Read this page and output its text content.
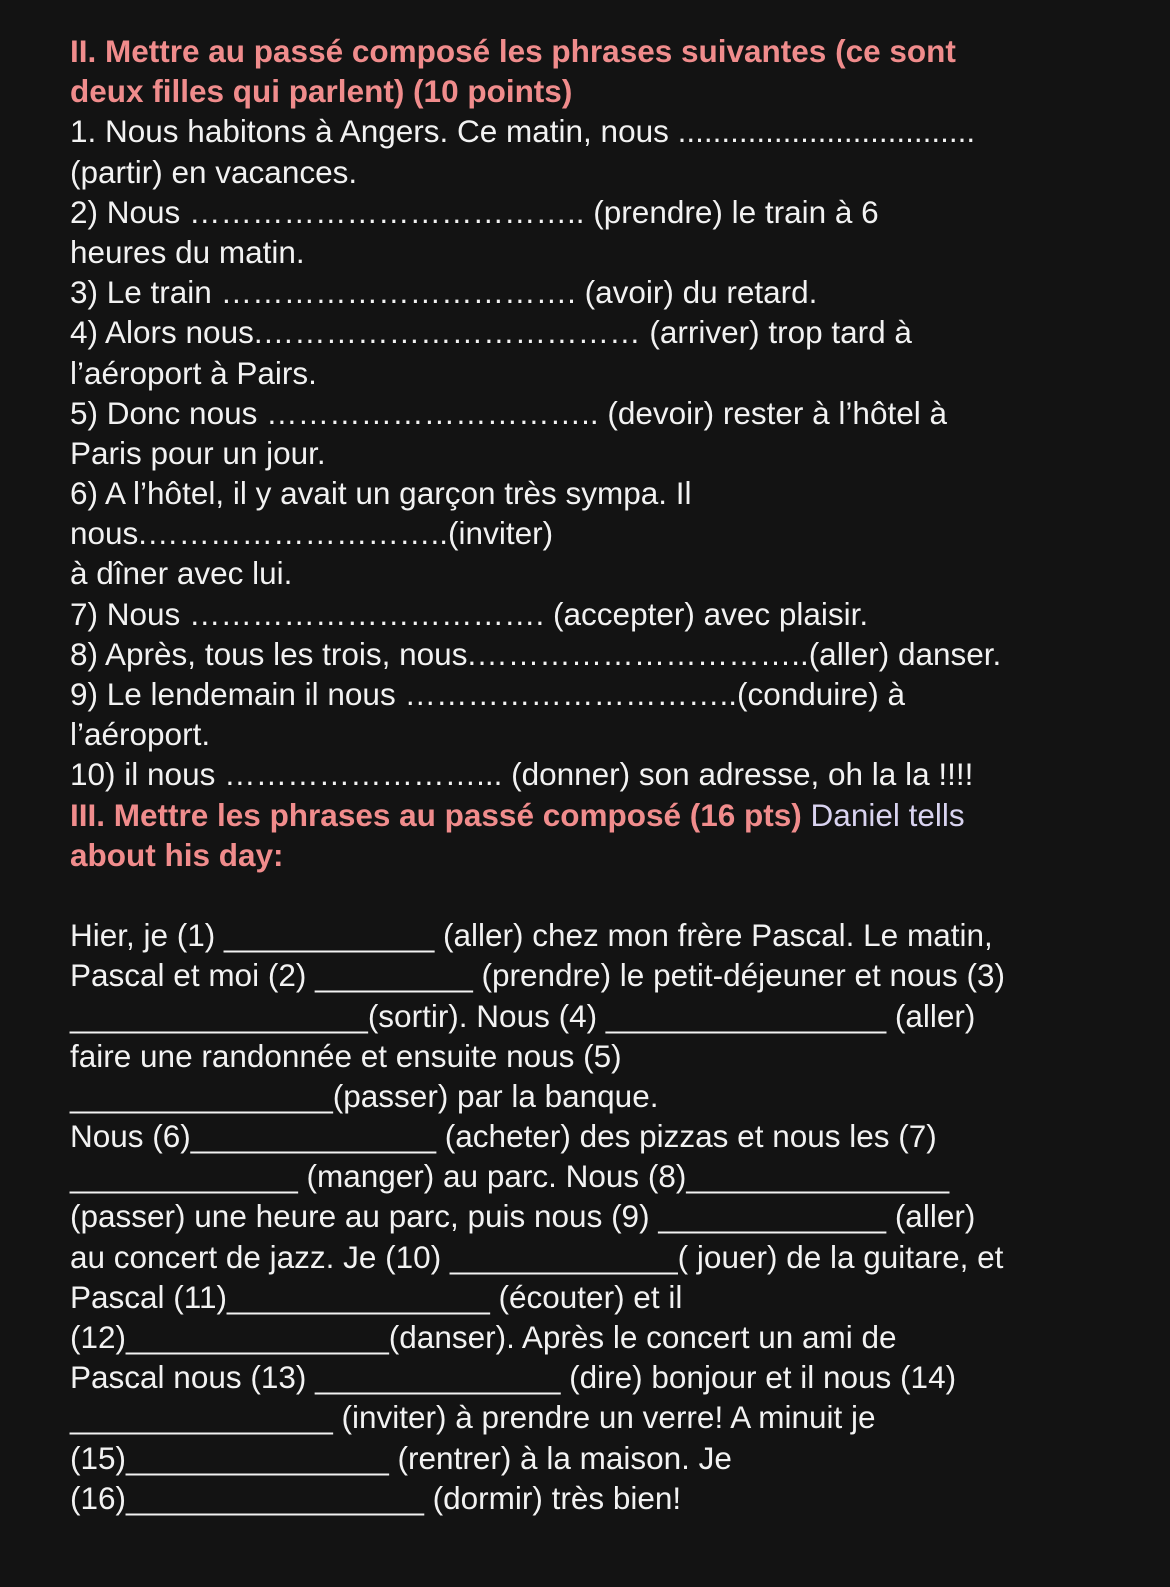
II. Mettre au passé composé les phrases suivantes (ce sont
deux filles qui parlent) (10 points)
1. Nous habitons à Angers. Ce matin, nous ..................................
(partir) en vacances.
2) Nous ……………………………….. (prendre) le train à 6
heures du matin.
3) Le train ……………………………. (avoir) du retard.
4) Alors nous.……………………………… (arriver) trop tard à
l’aéroport à Pairs.
5) Donc nous ………………………….. (devoir) rester à l’hôtel à
Paris pour un jour.
6) A l’hôtel, il y avait un garçon très sympa. Il
nous.………………………..(inviter)
à dîner avec lui.
7) Nous ……………………………. (accepter) avec plaisir.
8) Après, tous les trois, nous.…………………………..(aller) danser.
9) Le lendemain il nous …………………………..(conduire) à
l’aéroport.
10) il nous ……………………... (donner) son adresse, oh la la !!!!
III. Mettre les phrases au passé composé (16 pts) Daniel tells
about his day:
Hier, je (1) ____________ (aller) chez mon frère Pascal. Le matin,
Pascal et moi (2) _________ (prendre) le petit-déjeuner et nous (3)
_________________(sortir). Nous (4) ________________ (aller)
faire une randonnée et ensuite nous (5)
_______________(passer) par la banque.
Nous (6)______________ (acheter) des pizzas et nous les (7)
_____________ (manger) au parc. Nous (8)_______________
(passer) une heure au parc, puis nous (9) _____________ (aller)
au concert de jazz. Je (10) _____________( jouer) de la guitare, et
Pascal (11)_______________ (écouter) et il
(12)_______________(danser). Après le concert un ami de
Pascal nous (13) ______________ (dire) bonjour et il nous (14)
_______________ (inviter) à prendre un verre! A minuit je
(15)_______________ (rentrer) à la maison. Je
(16)_________________ (dormir) très bien!
